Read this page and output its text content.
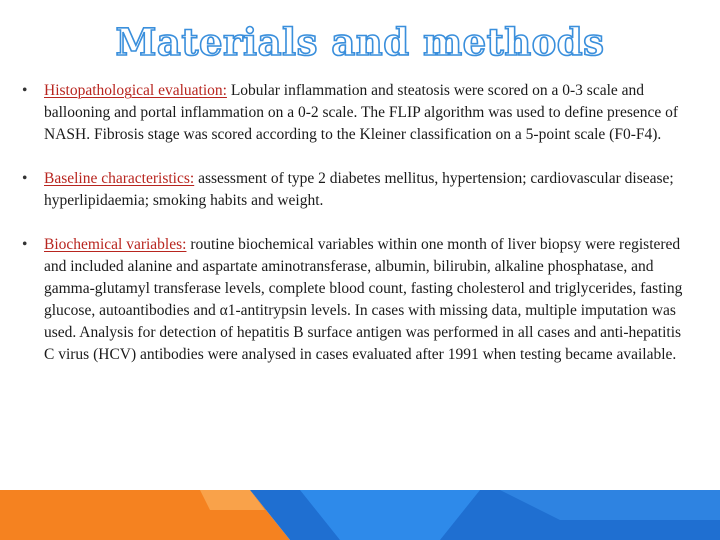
Materials and methods
•	Histopathological evaluation: Lobular inflammation and steatosis were scored on a 0-3 scale and ballooning and portal inflammation on a 0-2 scale. The FLIP algorithm was used to define presence of NASH. Fibrosis stage was scored according to the Kleiner classification on a 5-point scale (F0-F4).
•	Baseline characteristics: assessment of type 2 diabetes mellitus, hypertension; cardiovascular disease; hyperlipidaemia; smoking habits and weight.
•	Biochemical variables: routine biochemical variables within one month of liver biopsy were registered and included alanine and aspartate aminotransferase, albumin, bilirubin, alkaline phosphatase, and gamma-glutamyl transferase levels, complete blood count, fasting cholesterol and triglycerides, fasting glucose, autoantibodies and α1-antitrypsin levels. In cases with missing data, multiple imputation was used. Analysis for detection of hepatitis B surface antigen was performed in all cases and anti-hepatitis C virus (HCV) antibodies were analysed in cases evaluated after 1991 when testing became available.
